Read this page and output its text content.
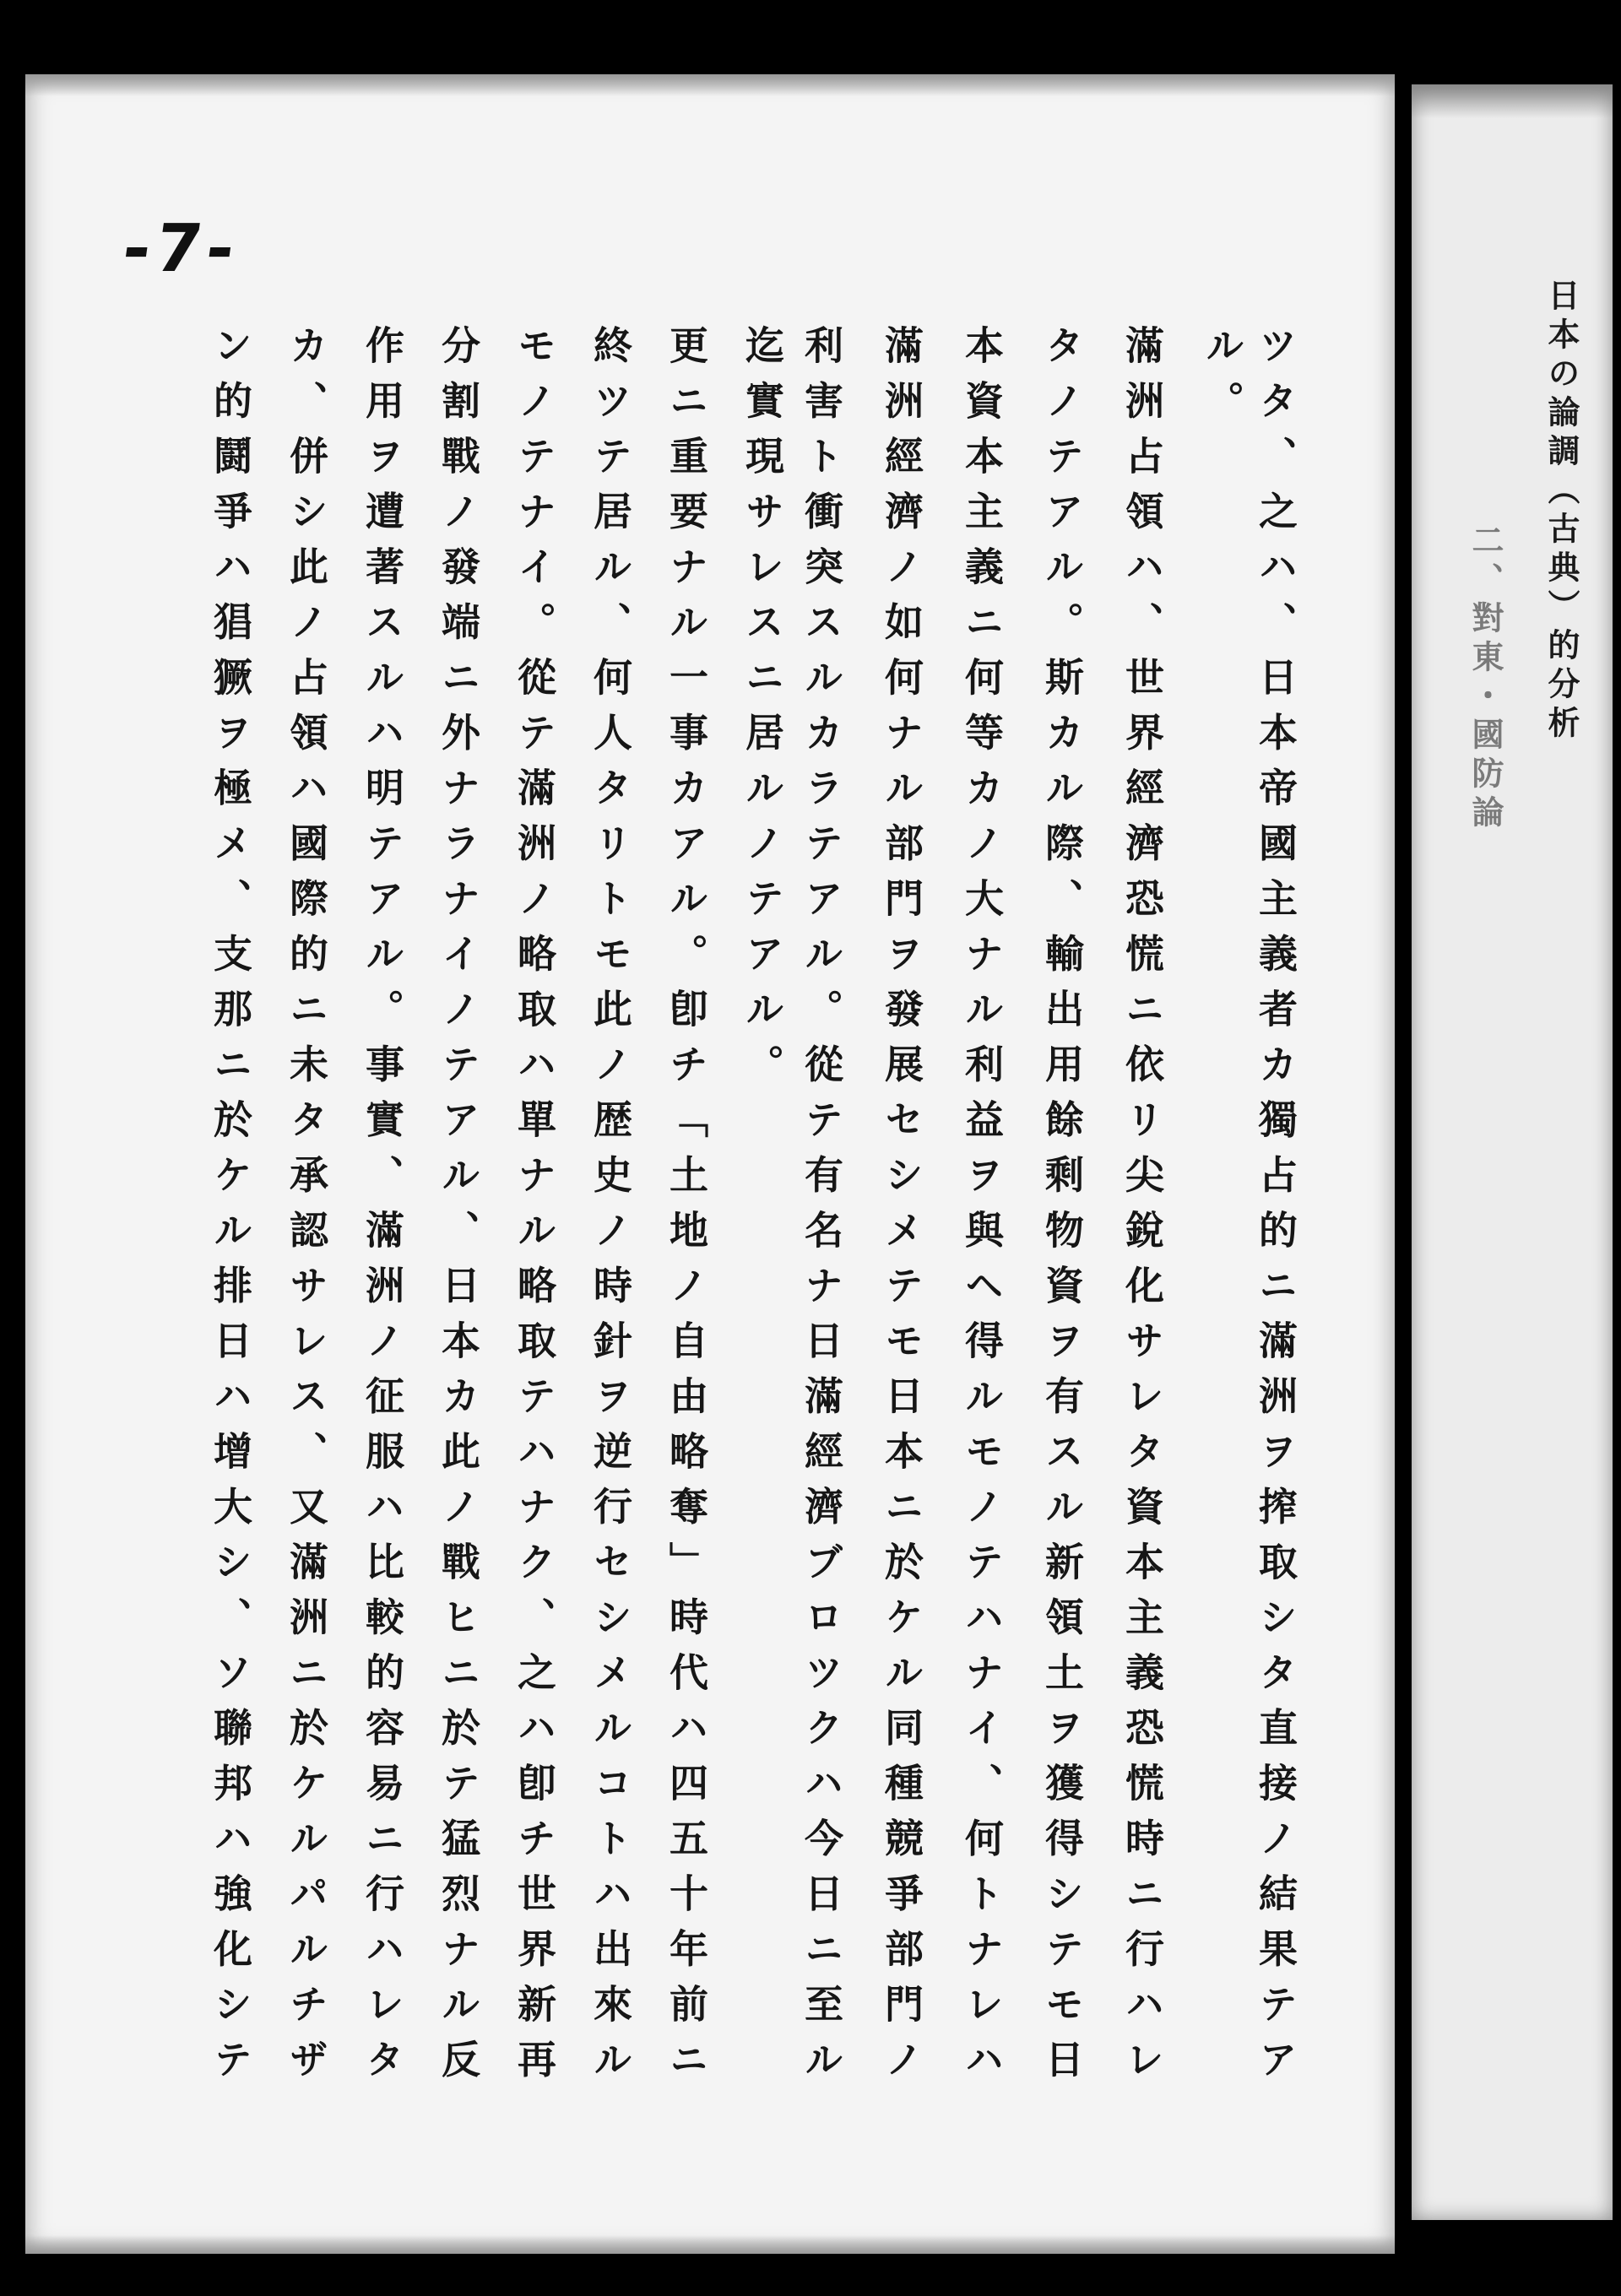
日本の論調（古典）的分析
二、對東・國防論
-7-
ツタ、之ハ、日本帝國主義者カ獨占的ニ滿洲ヲ搾取シタ直接ノ結果テア
ル。
滿洲占領ハ、世界經濟恐慌ニ依リ尖銳化サレタ資本主義恐慌時ニ行ハレ
タノテアル。斯カル際、輸出用餘剩物資ヲ有スル新領土ヲ獲得シテモ日
本資本主義ニ何等カノ大ナル利益ヲ與ヘ得ルモノテハナイ、何トナレハ
滿洲經濟ノ如何ナル部門ヲ發展セシメテモ日本ニ於ケル同種競爭部門ノ
利害ト衝突スルカラテアル。從テ有名ナ日滿經濟ブロツクハ今日ニ至ル
迄實現サレスニ居ルノテアル。
更ニ重要ナル一事カアル。卽チ「土地ノ自由略奪」時代ハ四五十年前ニ
終ツテ居ル、何人タリトモ此ノ歴史ノ時針ヲ逆行セシメルコトハ出來ル
モノテナイ。從テ滿洲ノ略取ハ單ナル略取テハナク、之ハ卽チ世界新再
分割戰ノ發端ニ外ナラナイノテアル、日本カ此ノ戰ヒニ於テ猛烈ナル反
作用ヲ遭著スルハ明テアル。事實、滿洲ノ征服ハ比較的容易ニ行ハレタ
カ、併シ此ノ占領ハ國際的ニ未タ承認サレス、又滿洲ニ於ケルパルチザ
ン的鬪爭ハ猖獗ヲ極メ、支那ニ於ケル排日ハ增大シ、ソ聯邦ハ強化シテ
